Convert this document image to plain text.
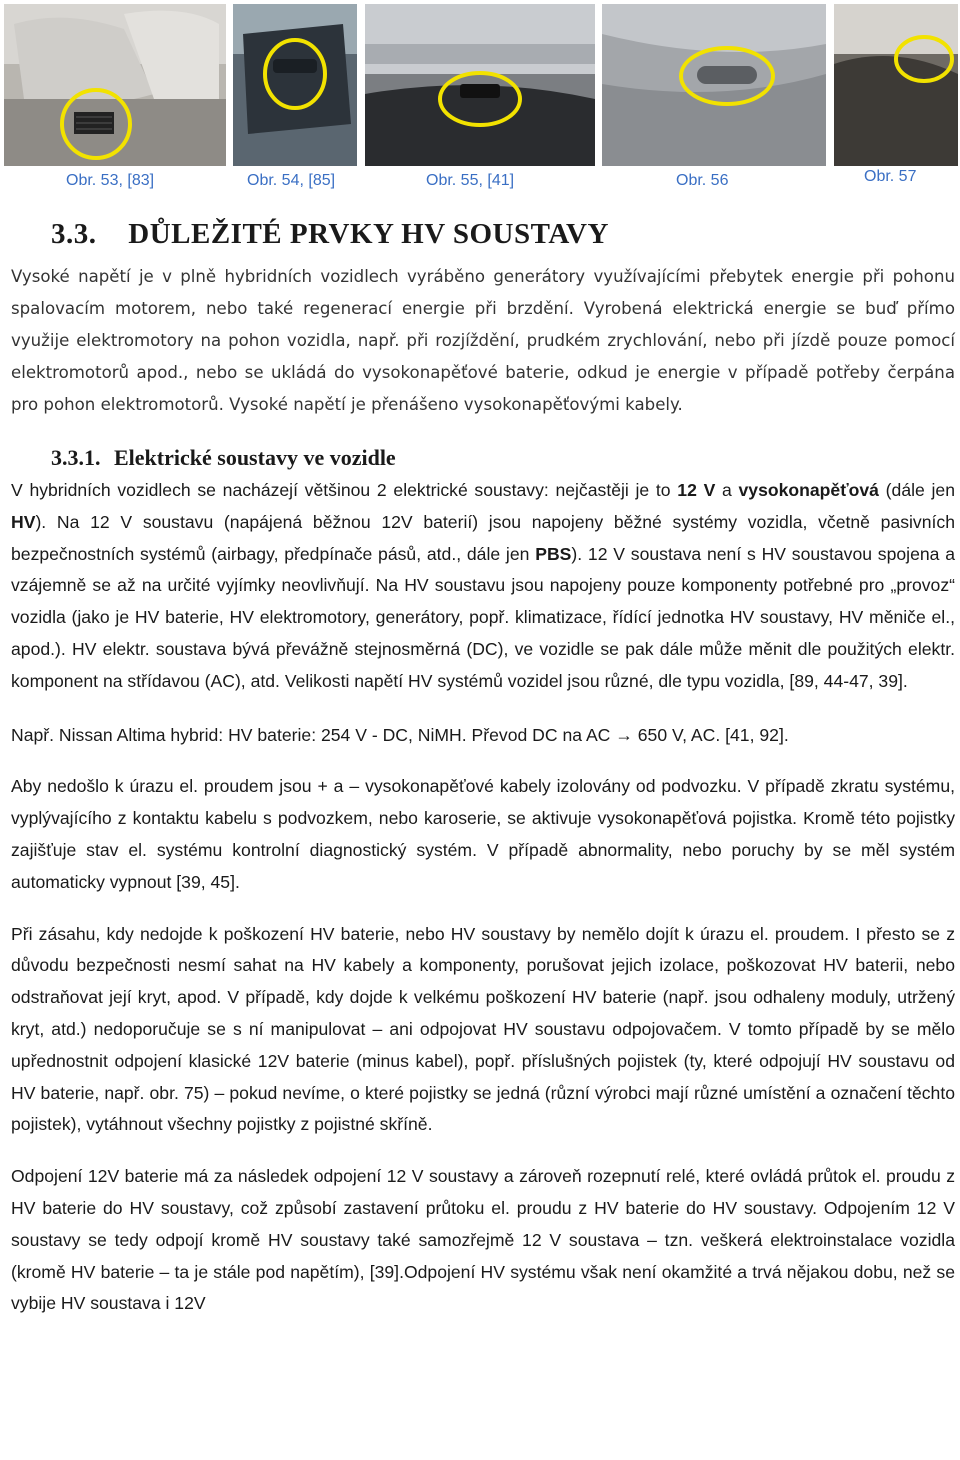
Obr. 53, [83]	Obr. 54, [85]	Obr. 55, [41]	Obr. 56	Obr. 57
3.3. DŮLEŽITÉ PRVKY HV SOUSTAVY

Vysoké napětí je v plně hybridních vozidlech vyráběno generátory využívajícími přebytek energie při pohonu spalovacím motorem, nebo také regenerací energie při brzdění. Vyrobená elektrická energie se buď přímo využije elektromotory na pohon vozidla, např. při rozjíždění, prudkém zrychlování, nebo při jízdě pouze pomocí elektromotorů apod., nebo se ukládá do vysokonapěťové baterie, odkud je energie v případě potřeby čerpána pro pohon elektromotorů. Vysoké napětí je přenášeno vysokonapěťovými kabely.

3.3.1. Elektrické soustavy ve vozidle

V hybridních vozidlech se nacházejí většinou 2 elektrické soustavy: nejčastěji je to 12 V a vysokonapěťová (dále jen HV). Na 12 V soustavu (napájená běžnou 12V baterií) jsou napojeny běžné systémy vozidla, včetně pasivních bezpečnostních systémů (airbagy, předpínače pásů, atd., dále jen PBS). 12 V soustava není s HV soustavou spojena a vzájemně se až na určité vyjímky neovlivňují. Na HV soustavu jsou napojeny pouze komponenty potřebné pro „provoz“ vozidla (jako je HV baterie, HV elektromotory, generátory, popř. klimatizace, řídící jednotka HV soustavy, HV měniče el., apod.). HV elektr. soustava bývá převážně stejnosměrná (DC), ve vozidle se pak dále může měnit dle použitých elektr. komponent na střídavou (AC), atd. Velikosti napětí HV systémů vozidel jsou různé, dle typu vozidla, [89, 44-47, 39].

Např. Nissan Altima hybrid: HV baterie: 254 V - DC, NiMH. Převod DC na AC → 650 V, AC. [41, 92].

Aby nedošlo k úrazu el. proudem jsou + a – vysokonapěťové kabely izolovány od podvozku. V případě zkratu systému, vyplývajícího z kontaktu kabelu s podvozkem, nebo karoserie, se aktivuje vysokonapěťová pojistka. Kromě této pojistky zajišťuje stav el. systému kontrolní diagnostický systém. V případě abnormality, nebo poruchy by se měl systém automaticky vypnout [39, 45].

Při zásahu, kdy nedojde k poškození HV baterie, nebo HV soustavy by nemělo dojít k úrazu el. proudem. I přesto se z důvodu bezpečnosti nesmí sahat na HV kabely a komponenty, porušovat jejich izolace, poškozovat HV baterii, nebo odstraňovat její kryt, apod. V případě, kdy dojde k velkému poškození HV baterie (např. jsou odhaleny moduly, utržený kryt, atd.) nedoporučuje se s ní manipulovat – ani odpojovat HV soustavu odpojovačem. V tomto případě by se mělo upřednostnit odpojení klasické 12V baterie (minus kabel), popř. příslušných pojistek (ty, které odpojují HV soustavu od HV baterie, např. obr. 75) – pokud nevíme, o které pojistky se jedná (různí výrobci mají různé umístění a označení těchto pojistek), vytáhnout všechny pojistky z pojistné skříně.

Odpojení 12V baterie má za následek odpojení 12 V soustavy a zároveň rozepnutí relé, které ovládá průtok el. proudu z HV baterie do HV soustavy, což způsobí zastavení průtoku el. proudu z HV baterie do HV soustavy. Odpojením 12 V soustavy se tedy odpojí kromě HV soustavy také samozřejmě 12 V soustava – tzn. veškerá elektroinstalace vozidla (kromě HV baterie – ta je stále pod napětím), [39].Odpojení HV systému však není okamžité a trvá nějakou dobu, než se vybije HV soustava i 12V
